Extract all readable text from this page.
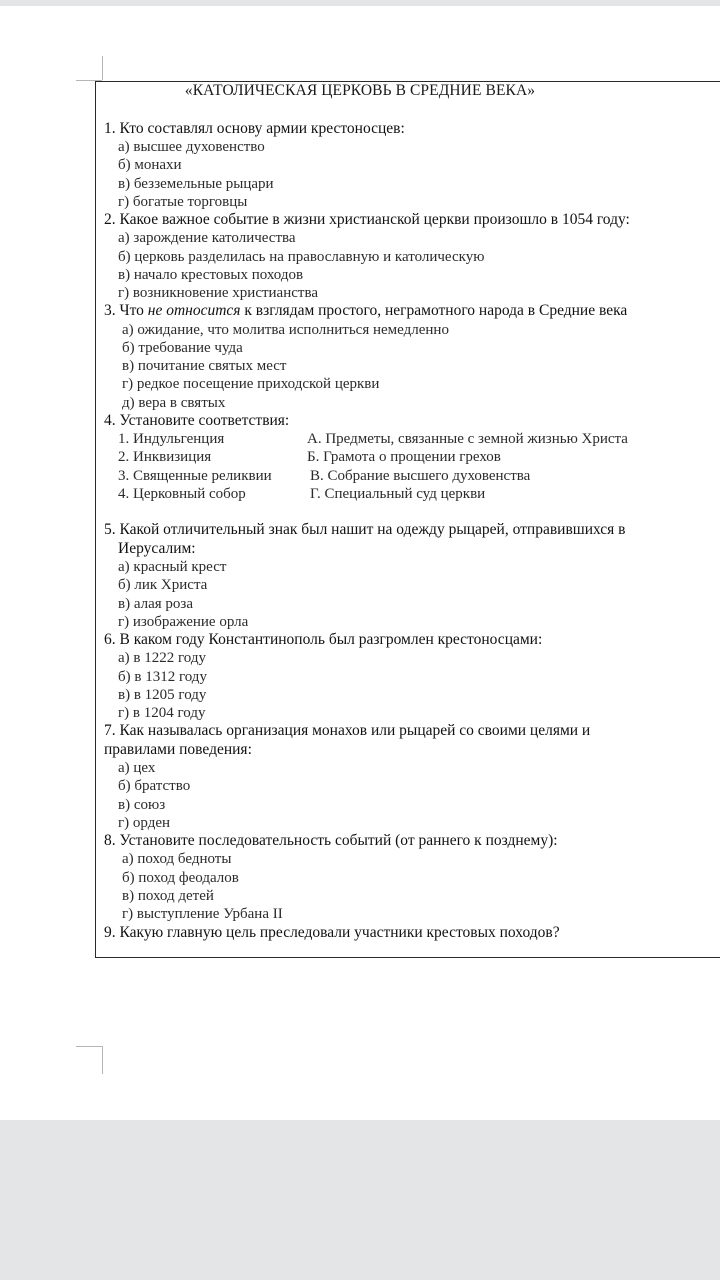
«КАТОЛИЧЕСКАЯ ЦЕРКОВЬ В СРЕДНИЕ ВЕКА»
1. Кто составлял основу армии крестоносцев:
а) высшее духовенство
б) монахи
в) безземельные рыцари
г) богатые торговцы
2. Какое важное событие в жизни христианской церкви произошло в 1054 году:
а) зарождение католичества
б) церковь разделилась на православную и католическую
в) начало крестовых походов
г) возникновение христианства
3. Что не относится к взглядам простого, неграмотного народа в Средние века
а) ожидание, что молитва исполниться немедленно
б) требование чуда
в) почитание святых мест
г) редкое посещение приходской церкви
д) вера в святых
4. Установите соответствия:
1. Индульгенция
2. Инквизиция
3. Священные реликвии
4. Церковный собор
А. Предметы, связанные с земной жизнью Христа
Б. Грамота о прощении грехов
В. Собрание высшего духовенства
Г. Специальный суд церкви
5. Какой отличительный знак был нашит на одежду рыцарей, отправившихся в
Иерусалим:
а) красный крест
б) лик Христа
в) алая роза
г) изображение орла
6. В каком году Константинополь был разгромлен крестоносцами:
а) в 1222 году
б) в 1312 году
в) в 1205 году
г) в 1204 году
7. Как называлась организация монахов или рыцарей со своими целями и
правилами поведения:
а) цех
б) братство
в) союз
г) орден
8. Установите последовательность событий (от раннего к позднему):
а) поход бедноты
б) поход феодалов
в) поход детей
г) выступление Урбана II
9. Какую главную цель преследовали участники крестовых походов?
